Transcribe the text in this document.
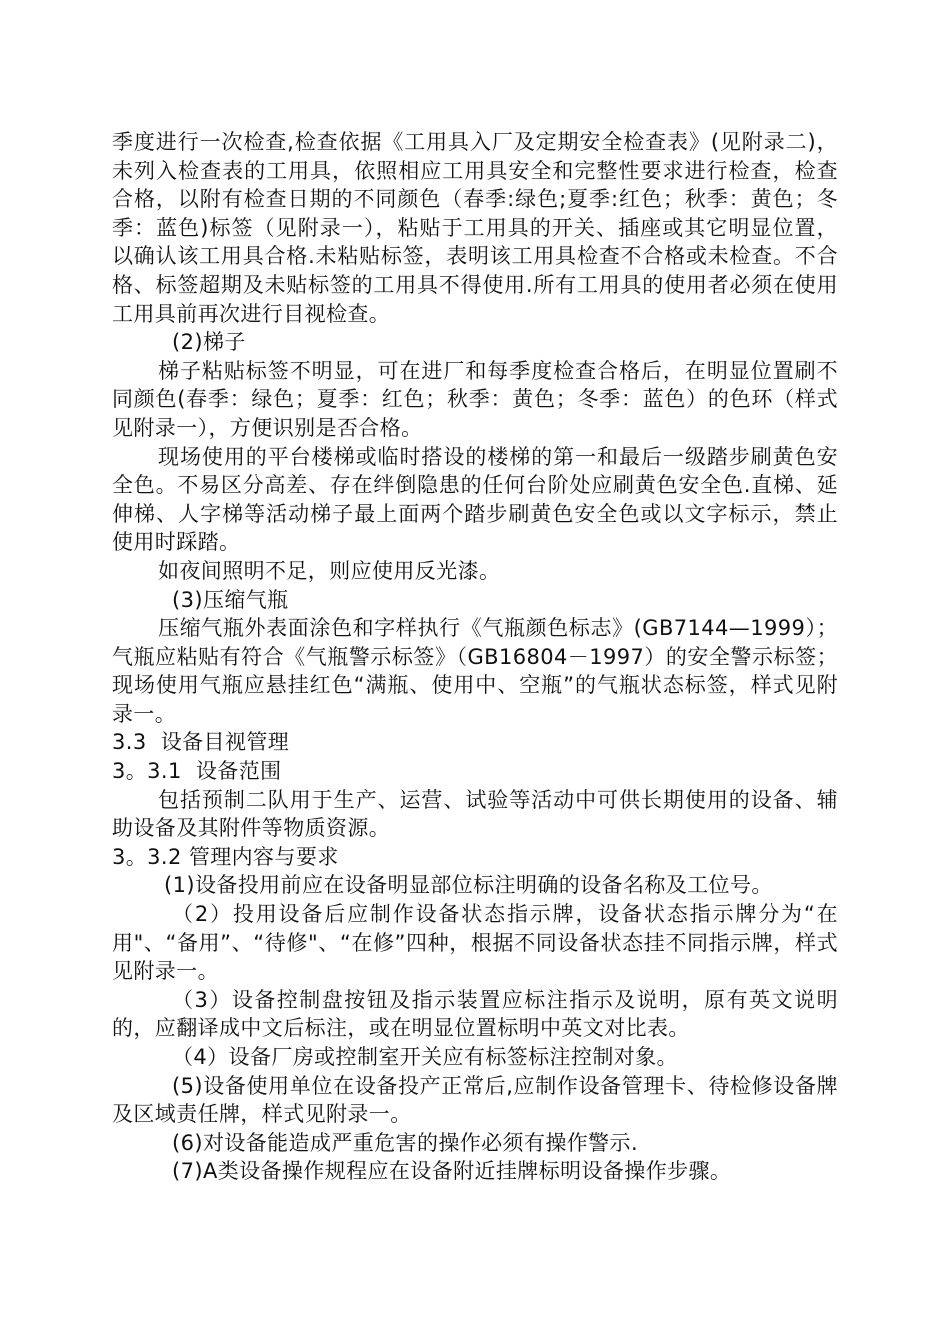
季度进行一次检查,检查依据《工用具入厂及定期安全检查表》(见附录二)，未列入检查表的工用具，依照相应工用具安全和完整性要求进行检查，检查合格，以附有检查日期的不同颜色（春季:绿色;夏季:红色；秋季：黄色；冬季：蓝色)标签（见附录一），粘贴于工用具的开关、插座或其它明显位置， 以确认该工用具合格.未粘贴标签，表明该工用具检查不合格或未检查。不合格、标签超期及未贴标签的工用具不得使用.所有工用具的使用者必须在使用工用具前再次进行目视检查。

(2)梯子

梯子粘贴标签不明显，可在进厂和每季度检查合格后，在明显位置刷不同颜色(春季：绿色；夏季：红色；秋季：黄色；冬季：蓝色）的色环（样式见附录一），方便识别是否合格。

现场使用的平台楼梯或临时搭设的楼梯的第一和最后一级踏步刷黄色安全色。不易区分高差、存在绊倒隐患的任何台阶处应刷黄色安全色.直梯、延伸梯、人字梯等活动梯子最上面两个踏步刷黄色安全色或以文字标示，禁止使用时踩踏。

如夜间照明不足，则应使用反光漆。

(3)压缩气瓶

压缩气瓶外表面涂色和字样执行《气瓶颜色标志》(GB7144—1999）；气瓶应粘贴有符合《气瓶警示标签》（GB16804－1997）的安全警示标签；现场使用气瓶应悬挂红色“满瓶、使用中、空瓶”的气瓶状态标签，样式见附录一。

3.3  设备目视管理

3。3.1  设备范围

包括预制二队用于生产、运营、试验等活动中可供长期使用的设备、辅助设备及其附件等物质资源。

3。3.2 管理内容与要求

(1)设备投用前应在设备明显部位标注明确的设备名称及工位号。

（2）投用设备后应制作设备状态指示牌，设备状态指示牌分为“在用"、“备用”、“待修"、“在修”四种，根据不同设备状态挂不同指示牌，样式见附录一。

（3）设备控制盘按钮及指示装置应标注指示及说明，原有英文说明的，应翻译成中文后标注，或在明显位置标明中英文对比表。

（4）设备厂房或控制室开关应有标签标注控制对象。

(5)设备使用单位在设备投产正常后,应制作设备管理卡、待检修设备牌及区域责任牌，样式见附录一。

(6)对设备能造成严重危害的操作必须有操作警示.

(7)A类设备操作规程应在设备附近挂牌标明设备操作步骤。
